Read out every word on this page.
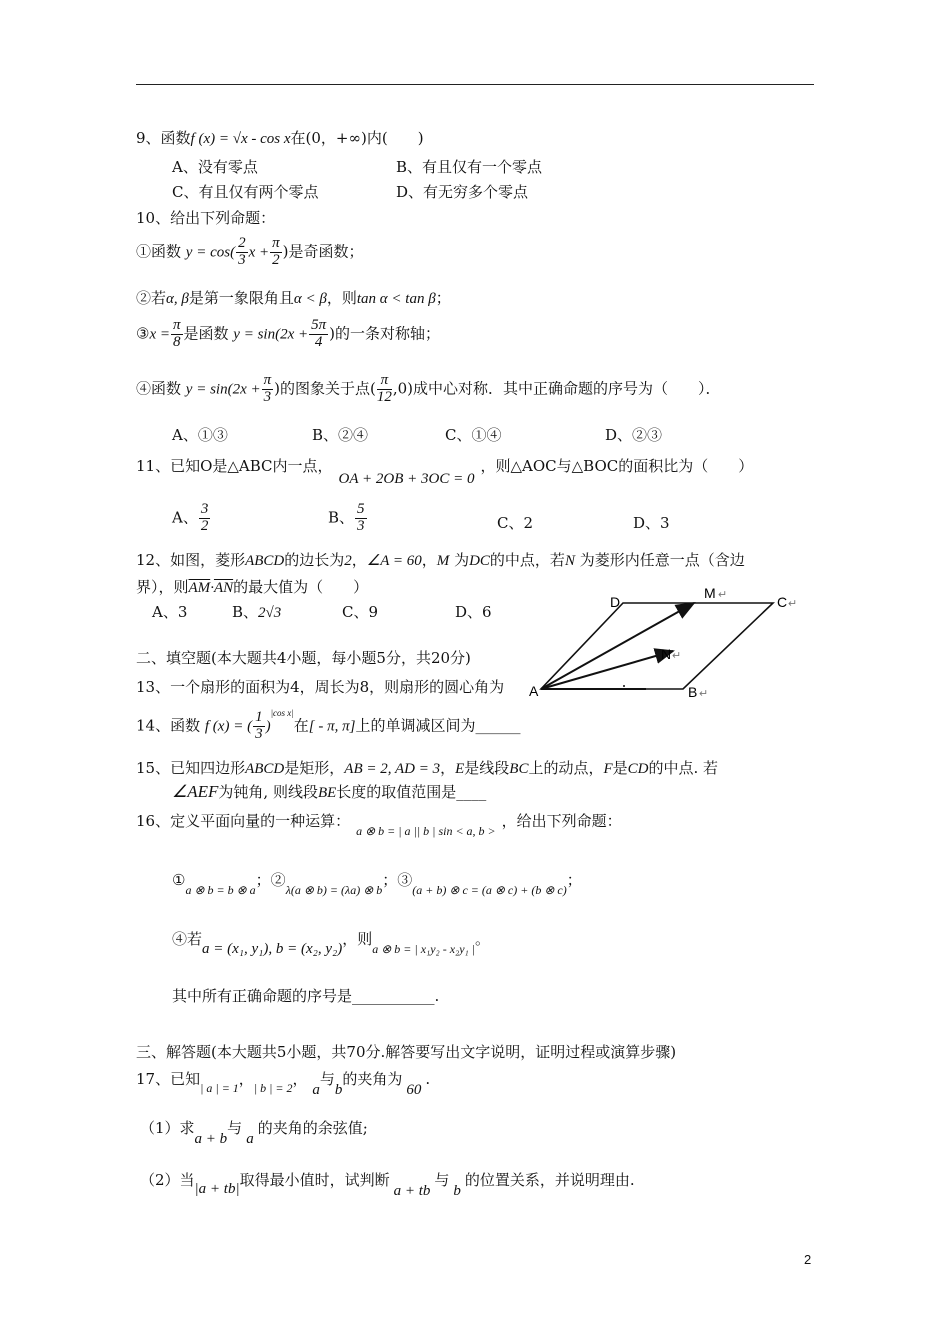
9、函数f (x) = √x - cos x在(0，+∞)内(　　)
A、没有零点	B、有且仅有一个零点
C、有且仅有两个零点	D、有无穷多个零点
10、给出下列命题：
①函数 $y = \cos( \frac{2}{3}$ $x + \frac{\pi}{2}$ )是奇函数；
②若α, β是第一象限角且α < β，则tan α < tan β；
③x = $\frac{\pi}{8}$ 是函数 $y = \sin(2x + \frac{5\pi}{4}$ )的一条对称轴；
④函数 $y = \sin(2x + \frac{\pi}{3}$ )的图象关于点( $\frac{\pi}{12} ,0$)成中心对称．其中正确命题的序号为（　　）．
A、①③	B、②④	C、①④	D、②③
11、已知O是△ABC内一点，OA + 2OB + 3OC = 0，则△AOC与△BOC的面积比为（　　）
A、 $\frac{3}{2}$	B、 $\frac{5}{3}$	C、2	D、3
12、如图，菱形ABCD的边长为2，∠A = 60，M 为DC的中点，若N 为菱形内任意一点（含边
界），则$\overline{AM}\cdot\overline{AN}$的最大值为（　　）
A、3	B、2√3	C、9	D、6
D
M ↵	C ↵
N ↵
A	B ↵
二、填空题(本大题共4小题，每小题5分，共20分)
13、一个扇形的面积为4，周长为8，则扇形的圆心角为
14、函数 f (x) = ( $\frac{1}{3} )^{|cos x|}$在[ - π, π]上的单调减区间为______
15、已知四边形ABCD是矩形，AB = 2, AD = 3，E是线段BC上的动点，F是CD的中点. 若
∠AEF为钝角, 则线段BE长度的取值范围是____
16、定义平面向量的一种运算：$_{a \otimes b = | a || b | sin < a, b >}$，给出下列命题：
$①_{a \otimes b = b \otimes a}$；$②_{\lambda(a \otimes b) = (\lambda a) \otimes b}$；$③_{(a + b) \otimes c = (a \otimes c) + (b \otimes c)}$；
④若a = (x₁, y₁), b = (x₂, y₂)，则$_{a \otimes b = | x_1y_2 - x_2y_1 |}$。
其中所有正确命题的序号是___________.
三、解答题(本大题共5小题，共70分.解答要写出文字说明，证明过程或演算步骤)
17、已知$_{| a | = 1}$，$_{| b | = 2}$， a与b的夹角为60.
（1）求a + b与a的夹角的余弦值;
（2）当|a + tb|取得最小值时，试判断a + tb与b的位置关系，并说明理由.
2
